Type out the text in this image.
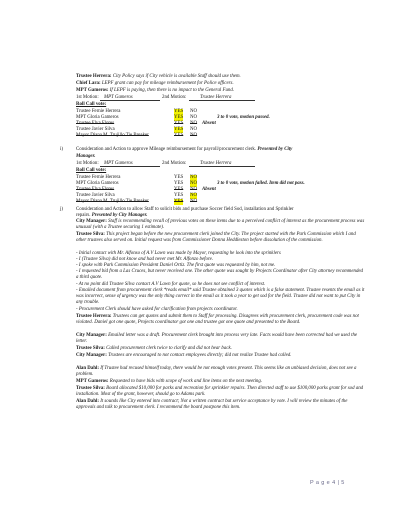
Trustee Herrera: City Policy says if City vehicle is available Staff should use them.
Chief Lara: LEPF grant can pay for mileage reimbursement for Police officers.
MPT Gameros: If LEPF is paying, then there is no impact to the General Fund.
1st Motion: MPT Gameros	2nd Motion:	Trustee Herrera
Roll Call vote:
Trustee Fernie Herrera	YES NO
MPT Gloria Gameros	YES NO	3 to 0 vote, motion passed.
Trustee Elva Flores	YES NO Absent
Trustee Javier Silva	YES NO
Mayor Diana M. Trujillo Tie Breaker	YES NO
i)	Consideration and Action to approve Mileage reimbursement for payroll/procurement clerk. Presented by City
Manager.
1st Motion: MPT Gameros	2nd Motion:	Trustee Herrera
Roll Call vote:
Trustee Fernie Herrera	YES NO
MPT Gloria Gameros	YES NO	3 to 0 vote, motion failed. Item did not pass.
Trustee Elva Flores	YES NO Absent
Trustee Javier Silva	YES NO
Mayor Diana M. Trujillo Tie Breaker	YES NO
j)	Consideration and Action to allow Staff to solicit bids and purchase Soccer field Sod, installation and Sprinkler
repairs. Presented by City Manager.
City Manager: Staff is recommending recall of previous votes on these items due to a perceived conflict of interest as the procurement process was unusual (with a Trustee securing 1 estimate).
Trustee Silva: This project began before the new procurement clerk joined the City. The project started with the Park Commission which I and other trustees also served on. Initial request was from Commissioner Donna Heddleston before dissolution of the commission.
- Initial contact with Mr. Alfonso of A.V Lawn was made by Mayor, requesting he look into the sprinklers
- I (Trustee Silva) did not know and had never met Mr. Alfonzo before.
- I spoke with Park Commission President Daniel Ortiz. The first quote was requested by him, not me.
- I requested bid from a Las Cruces, but never received one. The other quote was sought by Projects Coordinator after City attorney recommended a third quote.
- At no point did Trustee Silva contact A.V Lawn for quote, so he does not see conflict of interest.
- Emailed document from procurement clerk *reads email* said Trustee obtained 3 quotes which is a false statement. Trustee resents the email as it was incorrect, sense of urgency was the only thing correct in the email as it took a year to get sod for the field. Trustee did not want to put City in any trouble.
- Procurement Clerk should have asked for clarification from projects coordinator.
Trustee Herrera: Trustees can get quotes and submit them to Staff for processing. Disagrees with procurement clerk, procurement code was not violated. Daniel got one quote, Projects coordinator got one and trustee got one quote and presented to the Board.
City Manager: Emailed letter was a draft. Procurement clerk brought into process very late. Facts would have been corrected had we used the letter.
Trustee Silva: Called procurement clerk twice to clarify and did not hear back.
City Manager: Trustees are encouraged to not contact employees directly; did not realize Trustee had called.
Alan Dahl: If Trustee had recused himself today, there would be not enough votes present. This seems like an unbiased decision, does not see a problem.
MPT Gameros: Requested to have bids with scope of work and line items on the next meeting.
Trustee Silva: Board allocated $10,000 for parks and recreation for sprinkler repairs. Then directed staff to use $100,000 parks grant for sod and installation. Most of the grant, however, should go to Adams park.
Alan Dahl: It sounds like City entered into contract; Not a written contract but service acceptance by vote. I will review the minutes of the approvals and talk to procurement clerk. I recommend the board postpone this item.
P a g e 4 | 5
